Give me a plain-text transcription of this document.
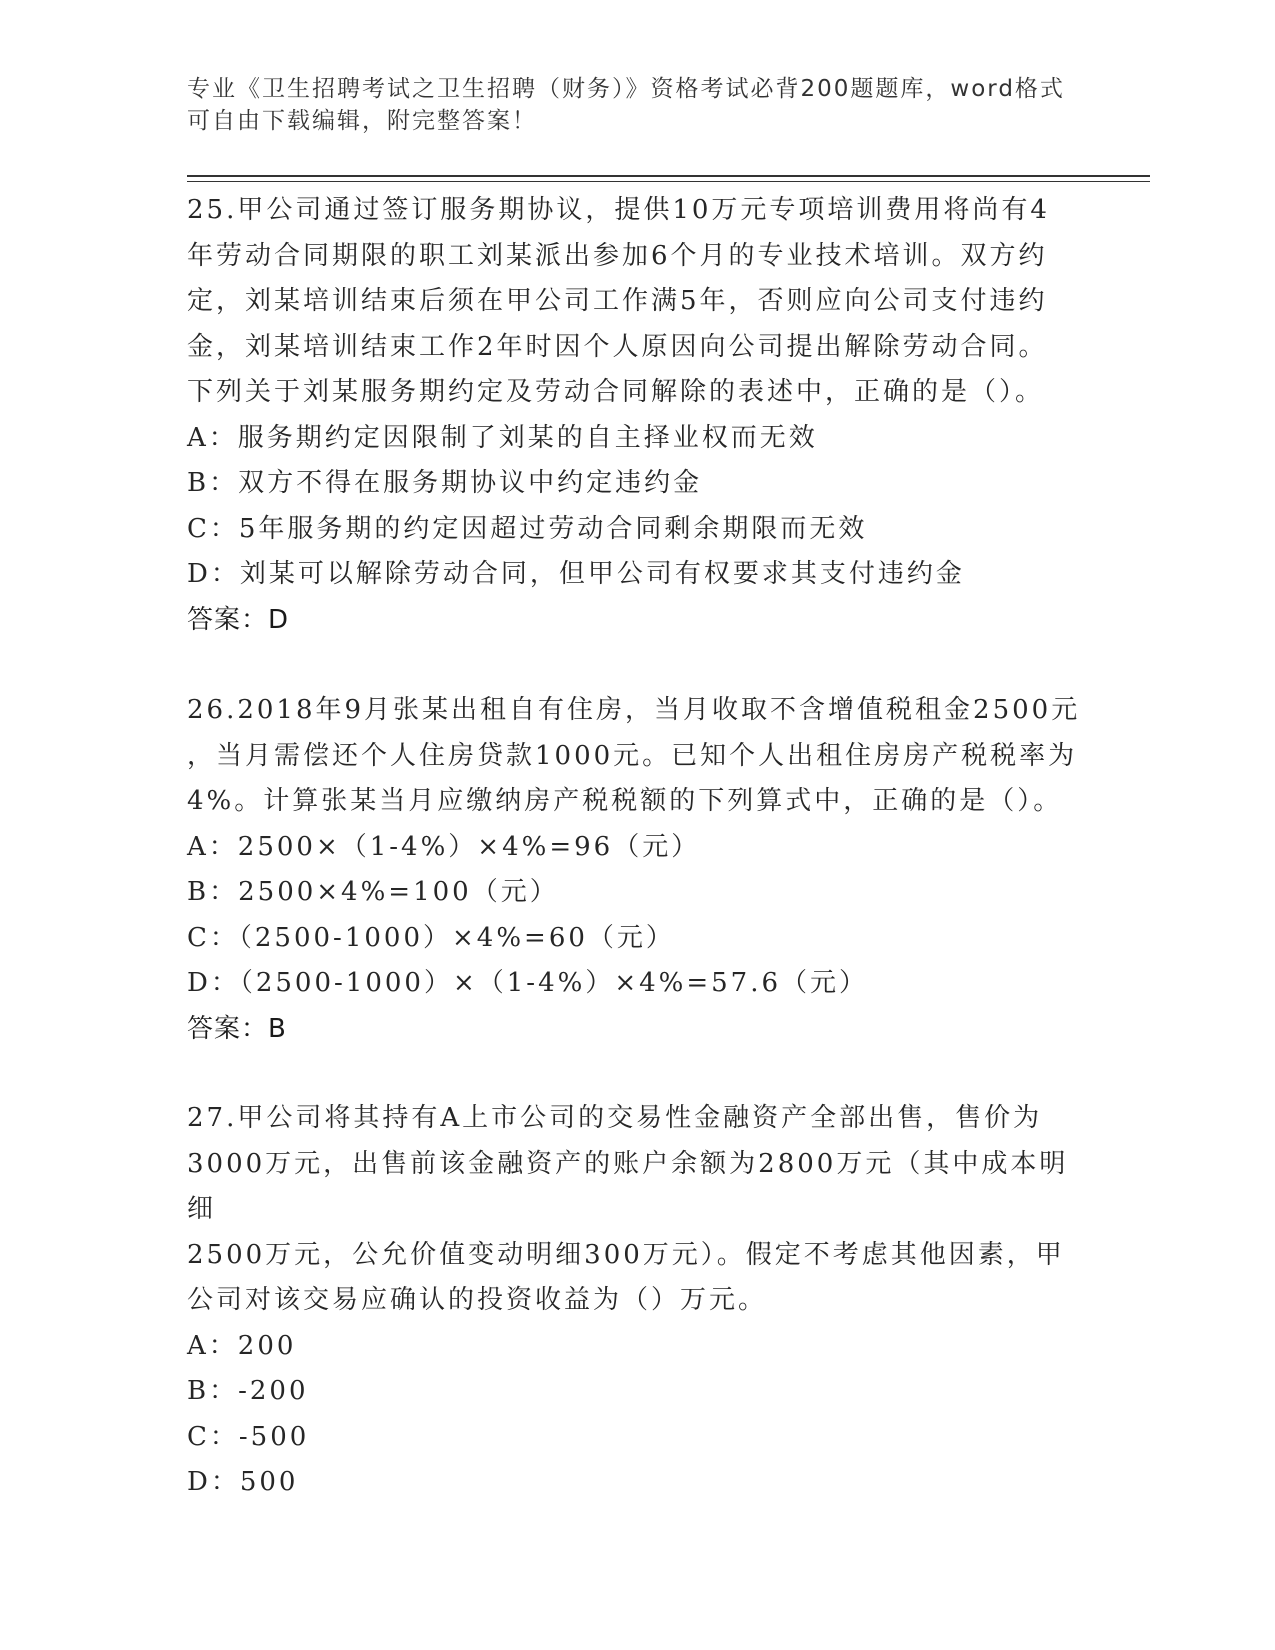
专业《卫生招聘考试之卫生招聘（财务）》资格考试必背200题题库，word格式
可自由下载编辑，附完整答案！

25.甲公司通过签订服务期协议，提供10万元专项培训费用将尚有4

年劳动合同期限的职工刘某派出参加6个月的专业技术培训。双方约

定，刘某培训结束后须在甲公司工作满5年，否则应向公司支付违约

金，刘某培训结束工作2年时因个人原因向公司提出解除劳动合同。

下列关于刘某服务期约定及劳动合同解除的表述中，正确的是（）。

A：服务期约定因限制了刘某的自主择业权而无效

B：双方不得在服务期协议中约定违约金

C：5年服务期的约定因超过劳动合同剩余期限而无效

D：刘某可以解除劳动合同，但甲公司有权要求其支付违约金

答案：D

26.2018年9月张某出租自有住房，当月收取不含增值税租金2500元

，当月需偿还个人住房贷款1000元。已知个人出租住房房产税税率为

4%。计算张某当月应缴纳房产税税额的下列算式中，正确的是（）。

A：2500×（1-4%）×4%=96（元）

B：2500×4%=100（元）

C：（2500-1000）×4%=60（元）

D：（2500-1000）×（1-4%）×4%=57.6（元）

答案：B

27.甲公司将其持有A上市公司的交易性金融资产全部出售，售价为

3000万元，出售前该金融资产的账户余额为2800万元（其中成本明细

2500万元，公允价值变动明细300万元）。假定不考虑其他因素，甲

公司对该交易应确认的投资收益为（）万元。

A：200

B：-200

C：-500

D：500
